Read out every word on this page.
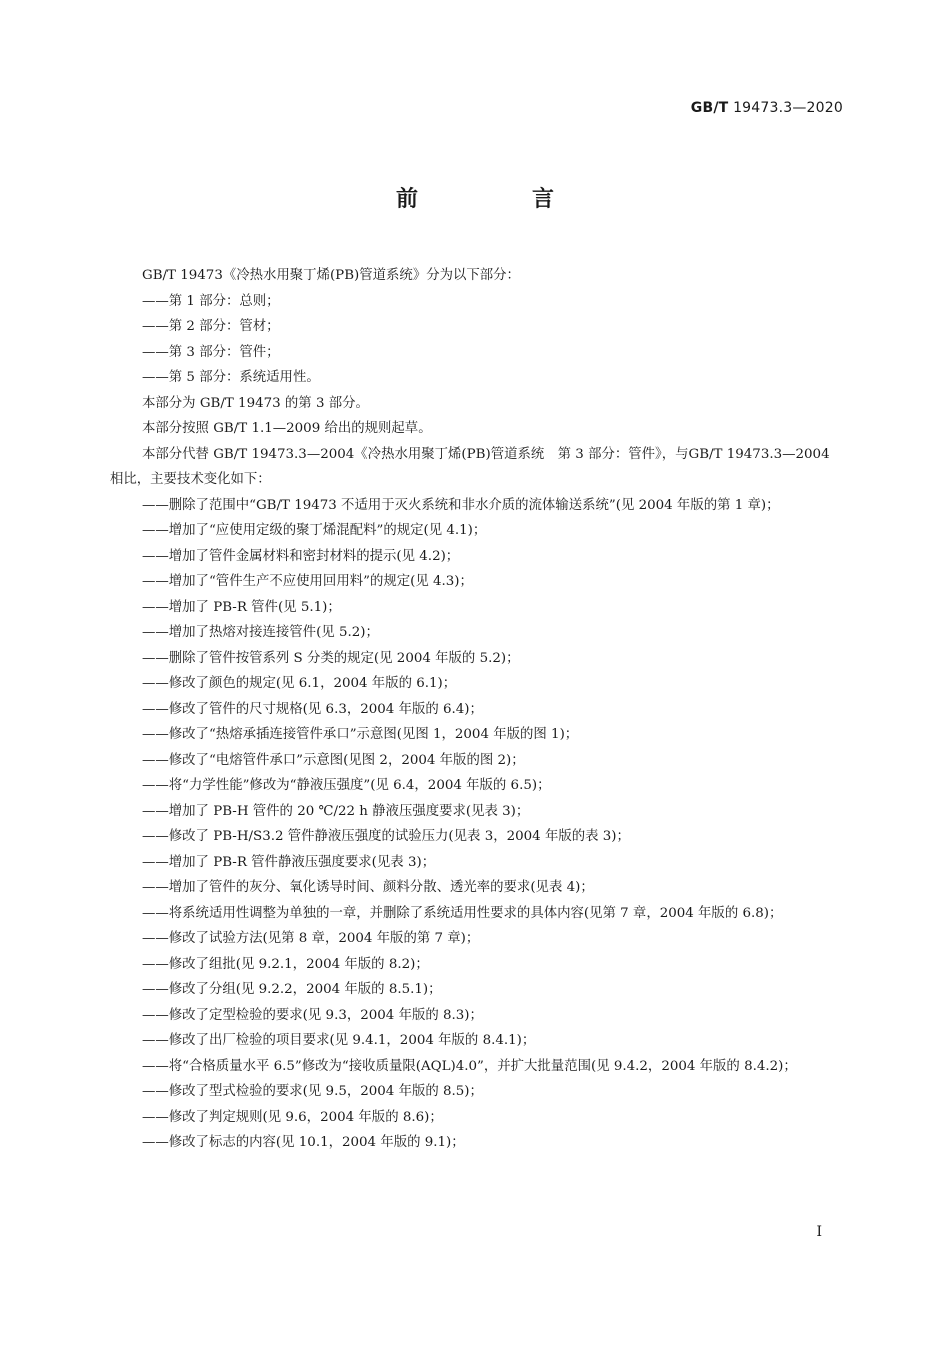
GB/T 19473.3—2020
前　言

GB/T 19473《冷热水用聚丁烯(PB)管道系统》分为以下部分：

——第 1 部分：总则；

——第 2 部分：管材；

——第 3 部分：管件；

——第 5 部分：系统适用性。

本部分为 GB/T 19473 的第 3 部分。

本部分按照 GB/T 1.1—2009 给出的规则起草。

本部分代替 GB/T 19473.3—2004《冷热水用聚丁烯(PB)管道系统　第 3 部分：管件》，与GB/T 19473.3—2004 相比，主要技术变化如下：

——删除了范围中“GB/T 19473 不适用于灭火系统和非水介质的流体输送系统”(见 2004 年版的第 1 章)；

——增加了“应使用定级的聚丁烯混配料”的规定(见 4.1)；

——增加了管件金属材料和密封材料的提示(见 4.2)；

——增加了“管件生产不应使用回用料”的规定(见 4.3)；

——增加了 PB-R 管件(见 5.1)；

——增加了热熔对接连接管件(见 5.2)；

——删除了管件按管系列 S 分类的规定(见 2004 年版的 5.2)；

——修改了颜色的规定(见 6.1，2004 年版的 6.1)；

——修改了管件的尺寸规格(见 6.3，2004 年版的 6.4)；

——修改了“热熔承插连接管件承口”示意图(见图 1，2004 年版的图 1)；

——修改了“电熔管件承口”示意图(见图 2，2004 年版的图 2)；

——将“力学性能”修改为“静液压强度”(见 6.4，2004 年版的 6.5)；

——增加了 PB-H 管件的 20 ℃/22 h 静液压强度要求(见表 3)；

——修改了 PB-H/S3.2 管件静液压强度的试验压力(见表 3，2004 年版的表 3)；

——增加了 PB-R 管件静液压强度要求(见表 3)；

——增加了管件的灰分、氧化诱导时间、颜料分散、透光率的要求(见表 4)；

——将系统适用性调整为单独的一章，并删除了系统适用性要求的具体内容(见第 7 章，2004 年版的 6.8)；

——修改了试验方法(见第 8 章，2004 年版的第 7 章)；

——修改了组批(见 9.2.1，2004 年版的 8.2)；

——修改了分组(见 9.2.2，2004 年版的 8.5.1)；

——修改了定型检验的要求(见 9.3，2004 年版的 8.3)；

——修改了出厂检验的项目要求(见 9.4.1，2004 年版的 8.4.1)；

——将“合格质量水平 6.5”修改为“接收质量限(AQL)4.0”，并扩大批量范围(见 9.4.2，2004 年版的 8.4.2)；

——修改了型式检验的要求(见 9.5，2004 年版的 8.5)；

——修改了判定规则(见 9.6，2004 年版的 8.6)；

——修改了标志的内容(见 10.1，2004 年版的 9.1)；

I
